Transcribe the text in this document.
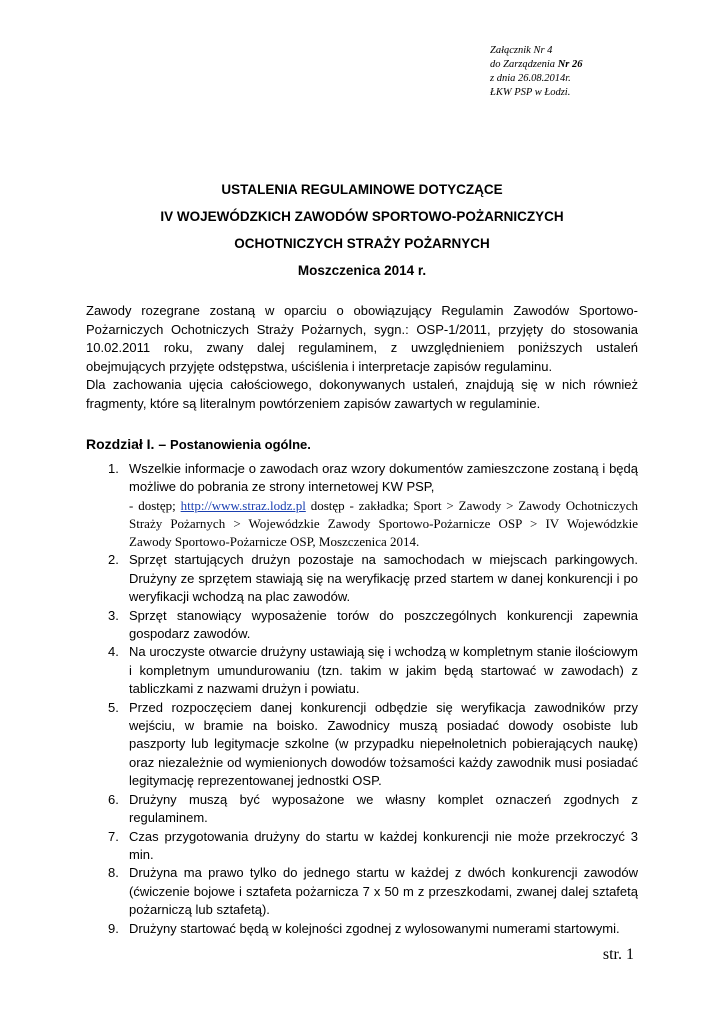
Załącznik Nr 4
do Zarządzenia Nr 26
z dnia 26.08.2014r.
ŁKW PSP w Łodzi.
USTALENIA REGULAMINOWE DOTYCZĄCE
IV WOJEWÓDZKICH ZAWODÓW SPORTOWO-POŻARNICZYCH
OCHOTNICZYCH STRAŻY POŻARNYCH
Moszczenica 2014 r.

Zawody rozegrane zostaną w oparciu o obowiązujący Regulamin Zawodów Sportowo-Pożarniczych Ochotniczych Straży Pożarnych, sygn.: OSP-1/2011, przyjęty do stosowania 10.02.2011 roku, zwany dalej regulaminem, z uwzględnieniem poniższych ustaleń obejmujących przyjęte odstępstwa, uściślenia i interpretacje zapisów regulaminu.

Dla zachowania ujęcia całościowego, dokonywanych ustaleń, znajdują się w nich również fragmenty, które są literalnym powtórzeniem zapisów zawartych w regulaminie.

Rozdział I. – Postanowienia ogólne.
1. Wszelkie informacje o zawodach oraz wzory dokumentów zamieszczone zostaną i będą możliwe do pobrania ze strony internetowej KW PSP,
- dostęp; http://www.straz.lodz.pl dostęp - zakładka; Sport > Zawody > Zawody Ochotniczych Straży Pożarnych > Wojewódzkie Zawody Sportowo-Pożarnicze OSP > IV Wojewódzkie Zawody Sportowo-Pożarnicze OSP, Moszczenica 2014.
2. Sprzęt startujących drużyn pozostaje na samochodach w miejscach parkingowych. Drużyny ze sprzętem stawiają się na weryfikację przed startem w danej konkurencji i po weryfikacji wchodzą na plac zawodów.
3. Sprzęt stanowiący wyposażenie torów do poszczególnych konkurencji zapewnia gospodarz zawodów.
4. Na uroczyste otwarcie drużyny ustawiają się i wchodzą w kompletnym stanie ilościowym i kompletnym umundurowaniu (tzn. takim w jakim będą startować w zawodach) z tabliczkami z nazwami drużyn i powiatu.
5. Przed rozpoczęciem danej konkurencji odbędzie się weryfikacja zawodników przy wejściu, w bramie na boisko. Zawodnicy muszą posiadać dowody osobiste lub paszporty lub legitymacje szkolne (w przypadku niepełnoletnich pobierających naukę) oraz niezależnie od wymienionych dowodów tożsamości każdy zawodnik musi posiadać legitymację reprezentowanej jednostki OSP.
6. Drużyny muszą być wyposażone we własny komplet oznaczeń zgodnych z regulaminem.
7. Czas przygotowania drużyny do startu w każdej konkurencji nie może przekroczyć 3 min.
8. Drużyna ma prawo tylko do jednego startu w każdej z dwóch konkurencji zawodów (ćwiczenie bojowe i sztafeta pożarnicza 7 x 50 m z przeszkodami, zwanej dalej sztafetą pożarniczą lub sztafetą).
9. Drużyny startować będą w kolejności zgodnej z wylosowanymi numerami startowymi.
str. 1
